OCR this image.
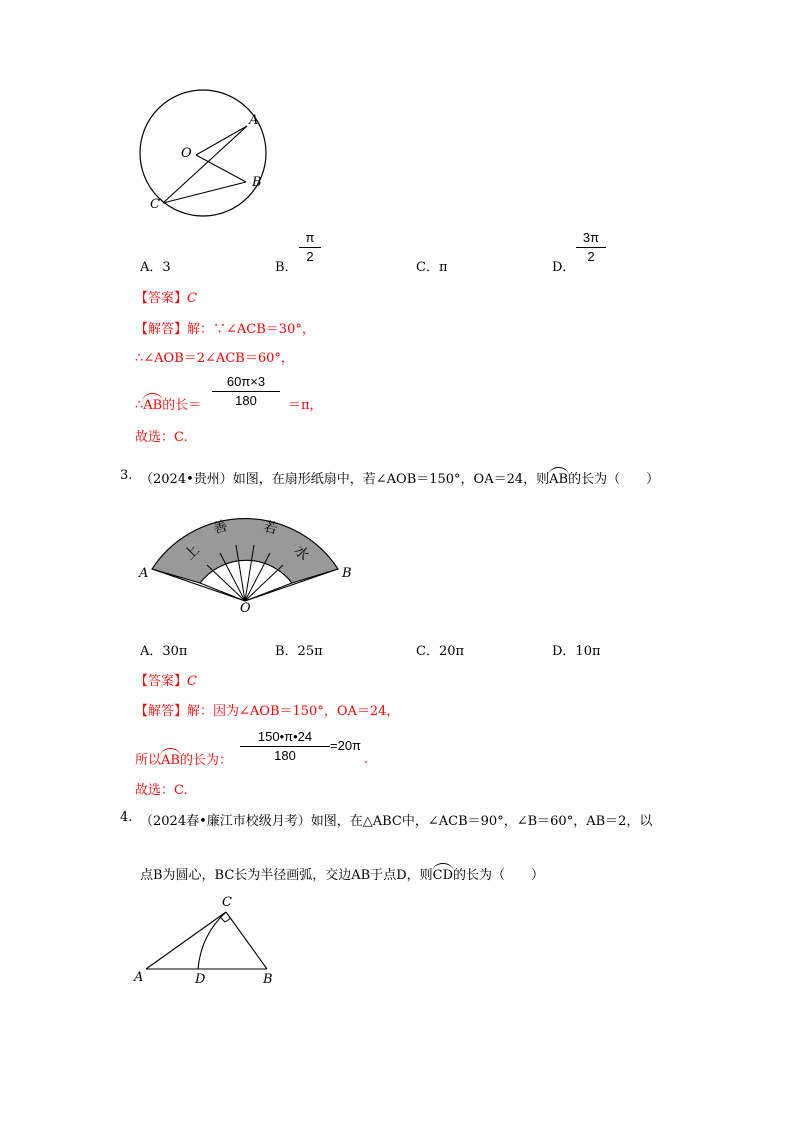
A
O
B
C
A．3	B．
π
2
C．π	D．
3π
2
【答案】C
【解答】解：∵∠ACB＝30°，
∴∠AOB＝2∠ACB＝60°，
∴AB的长＝
60π×3
180	＝π，
故选：C.
3. （2024•贵州）如图，在扇形纸扇中，若∠AOB＝150°，OA＝24，则AB的长为（　　）
上
善 若
水
A	B
O
A．30π	B．25π	C．20π	D．10π
【答案】C
【解答】解：因为∠AOB＝150°，OA＝24，
所以AB的长为：
150•π•24
180
=20π
.
故选：C.
4. （2024春•廉江市校级月考）如图，在△ABC中，∠ACB＝90°，∠B＝60°，AB＝2，以
点B为圆心，BC长为半径画弧，交边AB于点D，则CD的长为（　　）
C
A	D	B
